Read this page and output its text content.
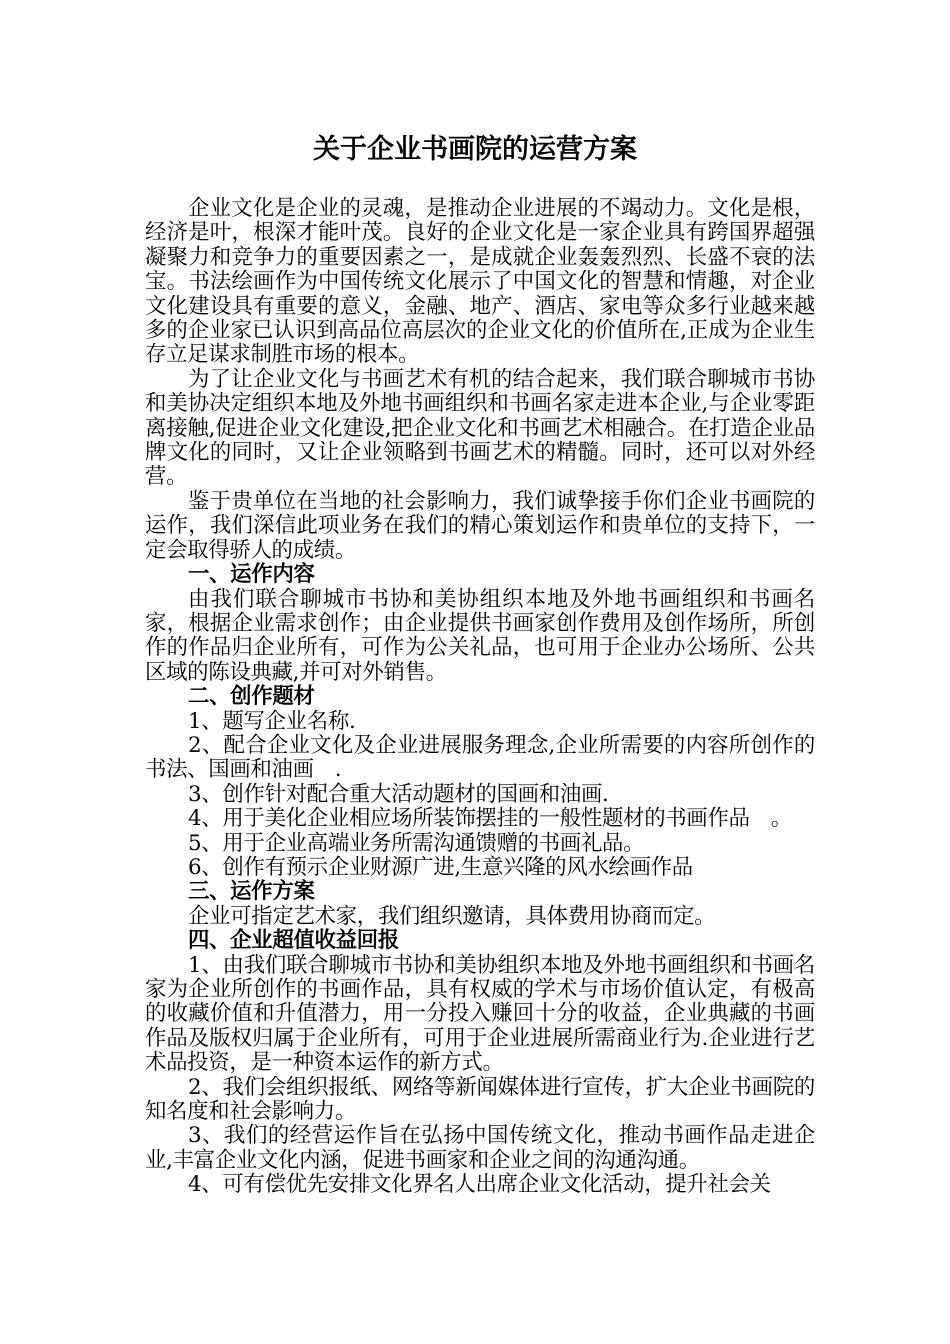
关于企业书画院的运营方案

企业文化是企业的灵魂，是推动企业进展的不竭动力。文化是根，经济是叶，根深才能叶茂。良好的企业文化是一家企业具有跨国界超强凝聚力和竞争力的重要因素之一，是成就企业轰轰烈烈、长盛不衰的法宝。书法绘画作为中国传统文化展示了中国文化的智慧和情趣，对企业文化建设具有重要的意义，金融、地产、酒店、家电等众多行业越来越多的企业家已认识到高品位高层次的企业文化的价值所在,正成为企业生存立足谋求制胜市场的根本。

为了让企业文化与书画艺术有机的结合起来，我们联合聊城市书协和美协决定组织本地及外地书画组织和书画名家走进本企业,与企业零距离接触,促进企业文化建设,把企业文化和书画艺术相融合。在打造企业品牌文化的同时，又让企业领略到书画艺术的精髓。同时，还可以对外经营。

鉴于贵单位在当地的社会影响力，我们诚挚接手你们企业书画院的运作，我们深信此项业务在我们的精心策划运作和贵单位的支持下，一定会取得骄人的成绩。

一、运作内容

由我们联合聊城市书协和美协组织本地及外地书画组织和书画名家，根据企业需求创作；由企业提供书画家创作费用及创作场所，所创作的作品归企业所有，可作为公关礼品，也可用于企业办公场所、公共区域的陈设典藏,并可对外销售。

二、创作题材

1、题写企业名称.

2、配合企业文化及企业进展服务理念,企业所需要的内容所创作的书法、国画和油画　.

3、创作针对配合重大活动题材的国画和油画.

4、用于美化企业相应场所装饰摆挂的一般性题材的书画作品　。

5、用于企业高端业务所需沟通馈赠的书画礼品。

6、创作有预示企业财源广进,生意兴隆的风水绘画作品

三、运作方案

企业可指定艺术家，我们组织邀请，具体费用协商而定。

四、企业超值收益回报

1、由我们联合聊城市书协和美协组织本地及外地书画组织和书画名家为企业所创作的书画作品，具有权威的学术与市场价值认定，有极高的收藏价值和升值潜力，用一分投入赚回十分的收益，企业典藏的书画作品及版权归属于企业所有，可用于企业进展所需商业行为.企业进行艺术品投资，是一种资本运作的新方式。

2、我们会组织报纸、网络等新闻媒体进行宣传，扩大企业书画院的知名度和社会影响力。

3、我们的经营运作旨在弘扬中国传统文化，推动书画作品走进企业,丰富企业文化内涵，促进书画家和企业之间的沟通沟通。

4、可有偿优先安排文化界名人出席企业文化活动，提升社会关
